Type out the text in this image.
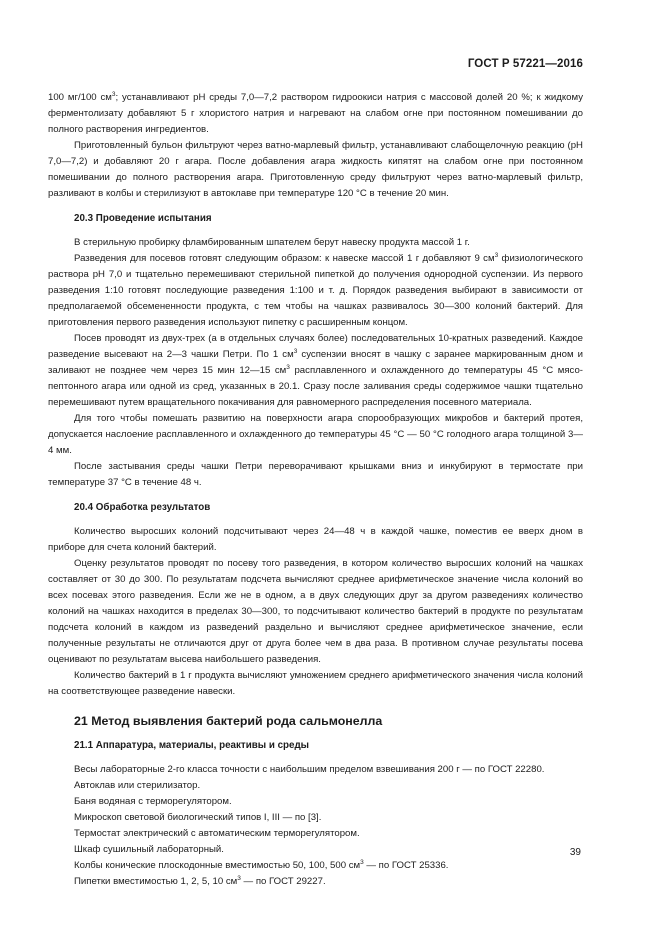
ГОСТ Р 57221—2016

100 мг/100 $см^3$; устанавливают pH среды 7,0—7,2 раствором гидроокиси натрия с массовой долей 20 %; к жидкому ферментолизату добавляют 5 г хлористого натрия и нагревают на слабом огне при постоянном помешивании до полного растворения ингредиентов.

Приготовленный бульон фильтруют через ватно-марлевый фильтр, устанавливают слабощелочную реакцию (pH 7,0—7,2) и добавляют 20 г агара. После добавления агара жидкость кипятят на слабом огне при постоянном помешивании до полного растворения агара. Приготовленную среду фильтруют через ватно-марлевый фильтр, разливают в колбы и стерилизуют в автоклаве при температуре 120 °С в течение 20 мин.

20.3 Проведение испытания

В стерильную пробирку фламбированным шпателем берут навеску продукта массой 1 г.

Разведения для посевов готовят следующим образом: к навеске массой 1 г добавляют 9 $см^3$ физиологического раствора pH 7,0 и тщательно перемешивают стерильной пипеткой до получения однородной суспензии. Из первого разведения 1:10 готовят последующие разведения 1:100 и т. д. Порядок разведения выбирают в зависимости от предполагаемой обсемененности продукта, с тем чтобы на чашках развивалось 30—300 колоний бактерий. Для приготовления первого разведения используют пипетку с расширенным концом.

Посев проводят из двух-трех (а в отдельных случаях более) последовательных 10-кратных разведений. Каждое разведение высевают на 2—3 чашки Петри. По 1 $см^3$ суспензии вносят в чашку с заранее маркированным дном и заливают не позднее чем через 15 мин 12—15 $см^3$ расплавленного и охлажденного до температуры 45 °С мясо-пептонного агара или одной из сред, указанных в 20.1. Сразу после заливания среды содержимое чашки тщательно перемешивают путем вращательного покачивания для равномерного распределения посевного материала.

Для того чтобы помешать развитию на поверхности агара спорообразующих микробов и бактерий протея, допускается наслоение расплавленного и охлажденного до температуры 45 °С — 50 °С голодного агара толщиной 3—4 мм.

После застывания среды чашки Петри переворачивают крышками вниз и инкубируют в термостате при температуре 37 °С в течение 48 ч.

20.4 Обработка результатов

Количество выросших колоний подсчитывают через 24—48 ч в каждой чашке, поместив ее вверх дном в приборе для счета колоний бактерий.

Оценку результатов проводят по посеву того разведения, в котором количество выросших колоний на чашках составляет от 30 до 300. По результатам подсчета вычисляют среднее арифметическое значение числа колоний во всех посевах этого разведения. Если же не в одном, а в двух следующих друг за другом разведениях количество колоний на чашках находится в пределах 30—300, то подсчитывают количество бактерий в продукте по результатам подсчета колоний в каждом из разведений раздельно и вычисляют среднее арифметическое значение, если полученные результаты не отличаются друг от друга более чем в два раза. В противном случае результаты посева оценивают по результатам высева наибольшего разведения.

Количество бактерий в 1 г продукта вычисляют умножением среднего арифметического значения числа колоний на соответствующее разведение навески.

21 Метод выявления бактерий рода сальмонелла

21.1 Аппаратура, материалы, реактивы и среды

Весы лабораторные 2-го класса точности с наибольшим пределом взвешивания 200 г — по ГОСТ 22280.

Автоклав или стерилизатор.

Баня водяная с терморегулятором.

Микроскоп световой биологический типов I, III — по [3].

Термостат электрический с автоматическим терморегулятором.

Шкаф сушильный лабораторный.

Колбы конические плоскодонные вместимостью 50, 100, 500 $см^3$ — по ГОСТ 25336.

Пипетки вместимостью 1, 2, 5, 10 $см^3$ — по ГОСТ 29227.

39
